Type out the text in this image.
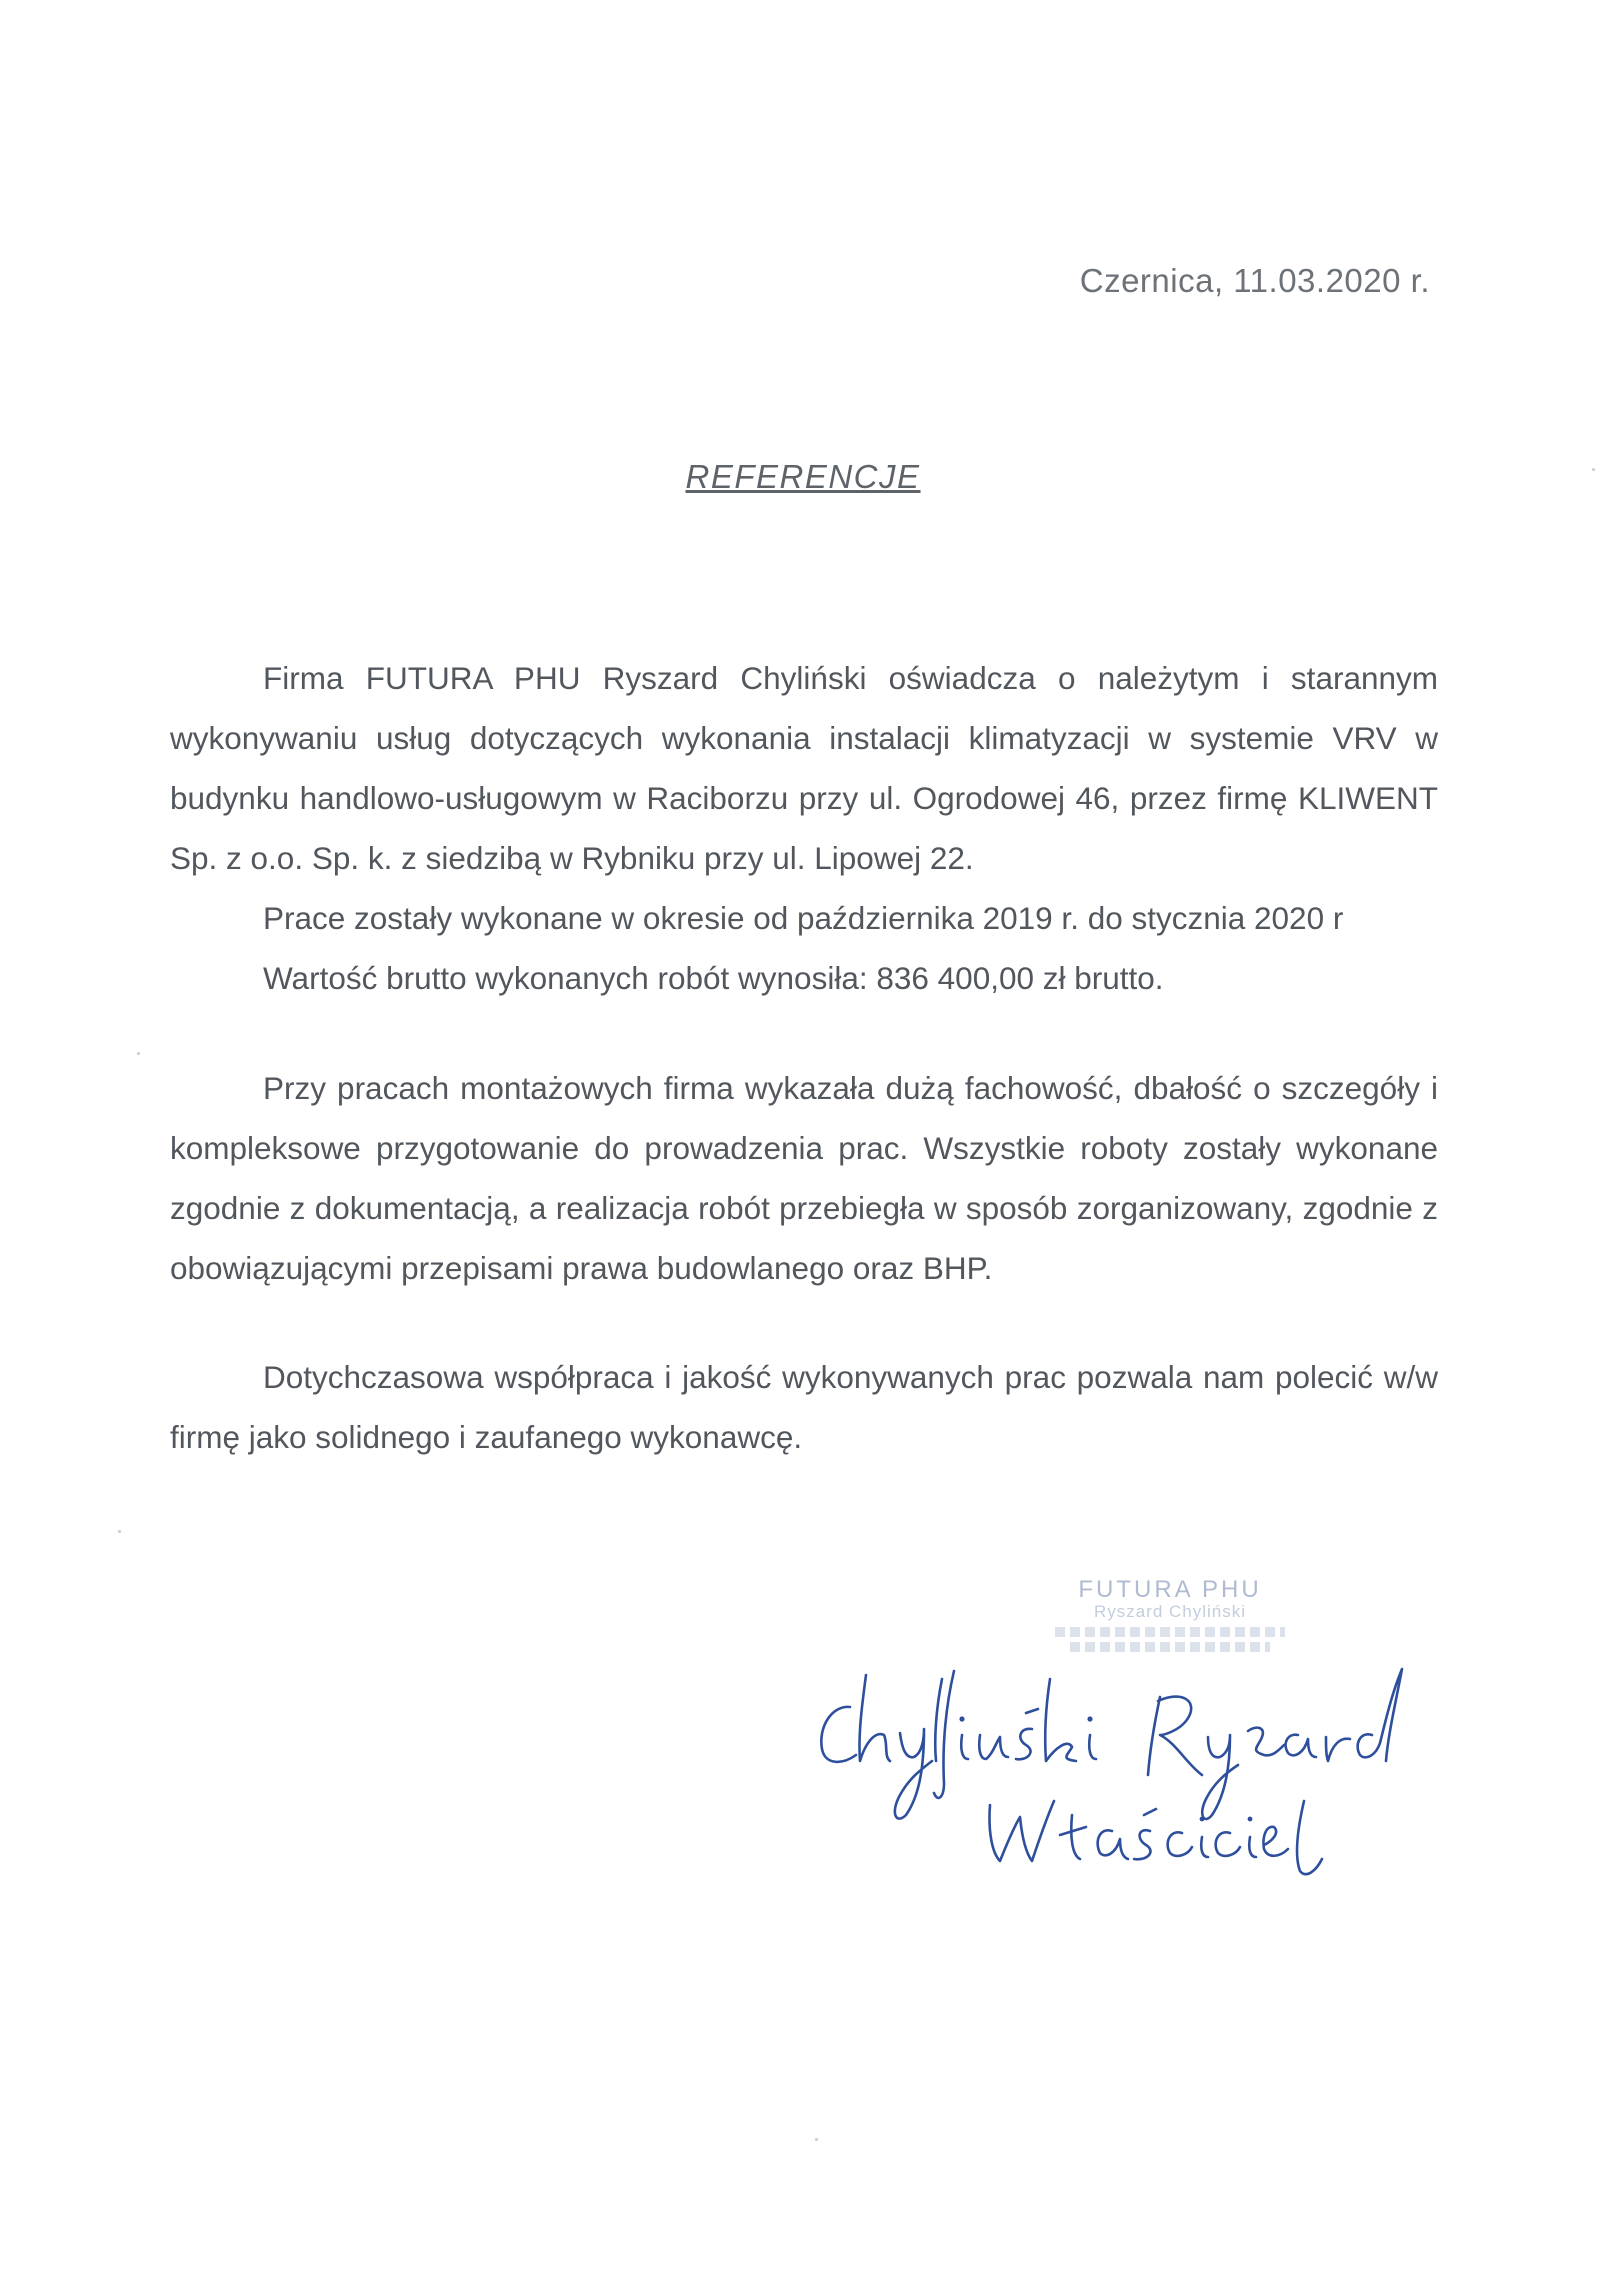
Czernica, 11.03.2020 r.
REFERENCJE

Firma FUTURA PHU Ryszard Chyliński oświadcza o należytym i starannym wykonywaniu usług dotyczących wykonania instalacji klimatyzacji w systemie VRV w budynku handlowo-usługowym w Raciborzu przy ul. Ogrodowej 46, przez firmę KLIWENT Sp. z o.o. Sp. k. z siedzibą w Rybniku przy ul. Lipowej 22.

Prace zostały wykonane w okresie od października 2019 r. do stycznia 2020 r

Wartość brutto wykonanych robót wynosiła: 836 400,00 zł brutto.

Przy pracach montażowych firma wykazała dużą fachowość, dbałość o szczegóły i kompleksowe przygotowanie do prowadzenia prac. Wszystkie roboty zostały wykonane zgodnie z dokumentacją, a realizacja robót przebiegła w sposób zorganizowany, zgodnie z obowiązującymi przepisami prawa budowlanego oraz BHP.

Dotychczasowa współpraca i jakość wykonywanych prac pozwala nam polecić w/w firmę jako solidnego i zaufanego wykonawcę.

FUTURA PHU
Ryszard Chyliński
